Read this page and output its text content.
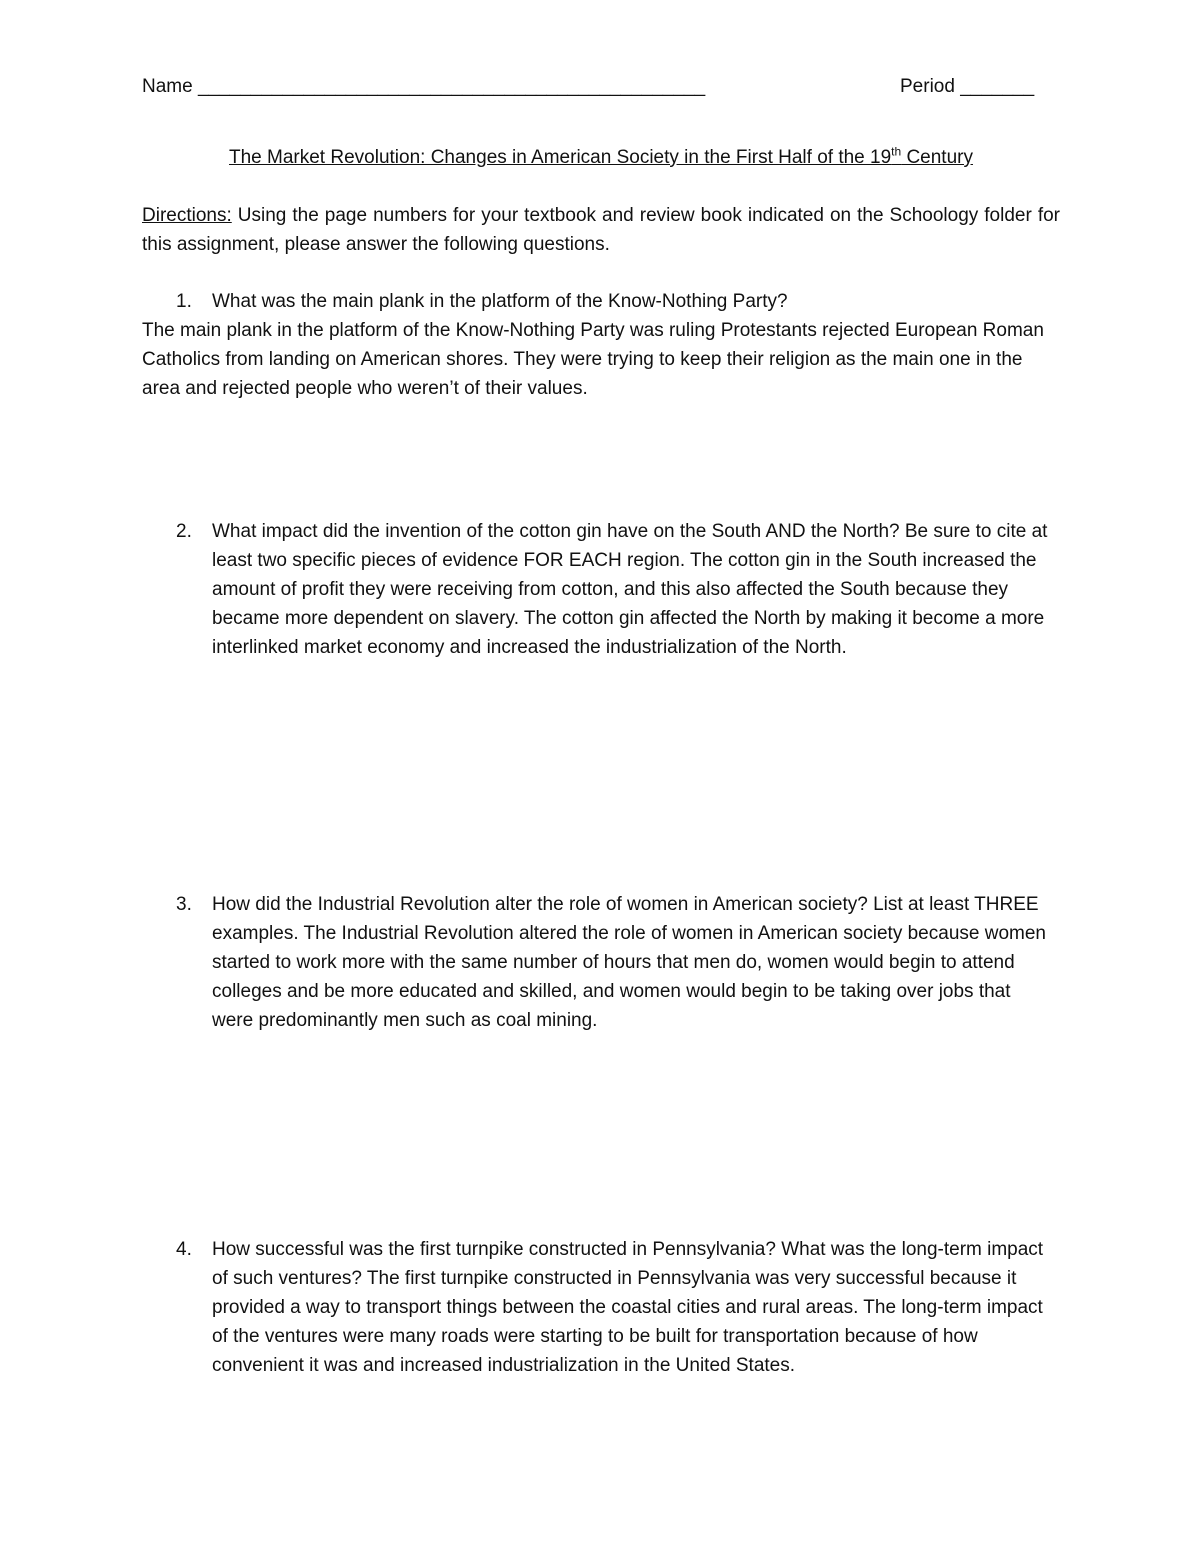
Name ________________________________________________	Period _______
The Market Revolution: Changes in American Society in the First Half of the 19th Century
Directions: Using the page numbers for your textbook and review book indicated on the Schoology folder for this assignment, please answer the following questions.
1.	What was the main plank in the platform of the Know-Nothing Party?
The main plank in the platform of the Know-Nothing Party was ruling Protestants rejected European Roman Catholics from landing on American shores. They were trying to keep their religion as the main one in the area and rejected people who weren’t of their values.
2.	What impact did the invention of the cotton gin have on the South AND the North? Be sure to cite at least two specific pieces of evidence FOR EACH region. The cotton gin in the South increased the amount of profit they were receiving from cotton, and this also affected the South because they became more dependent on slavery. The cotton gin affected the North by making it become a more interlinked market economy and increased the industrialization of the North.
3.	How did the Industrial Revolution alter the role of women in American society? List at least THREE examples. The Industrial Revolution altered the role of women in American society because women started to work more with the same number of hours that men do, women would begin to attend colleges and be more educated and skilled, and women would begin to be taking over jobs that were predominantly men such as coal mining.
4.	How successful was the first turnpike constructed in Pennsylvania? What was the long-term impact of such ventures? The first turnpike constructed in Pennsylvania was very successful because it provided a way to transport things between the coastal cities and rural areas. The long-term impact of the ventures were many roads were starting to be built for transportation because of how convenient it was and increased industrialization in the United States.
